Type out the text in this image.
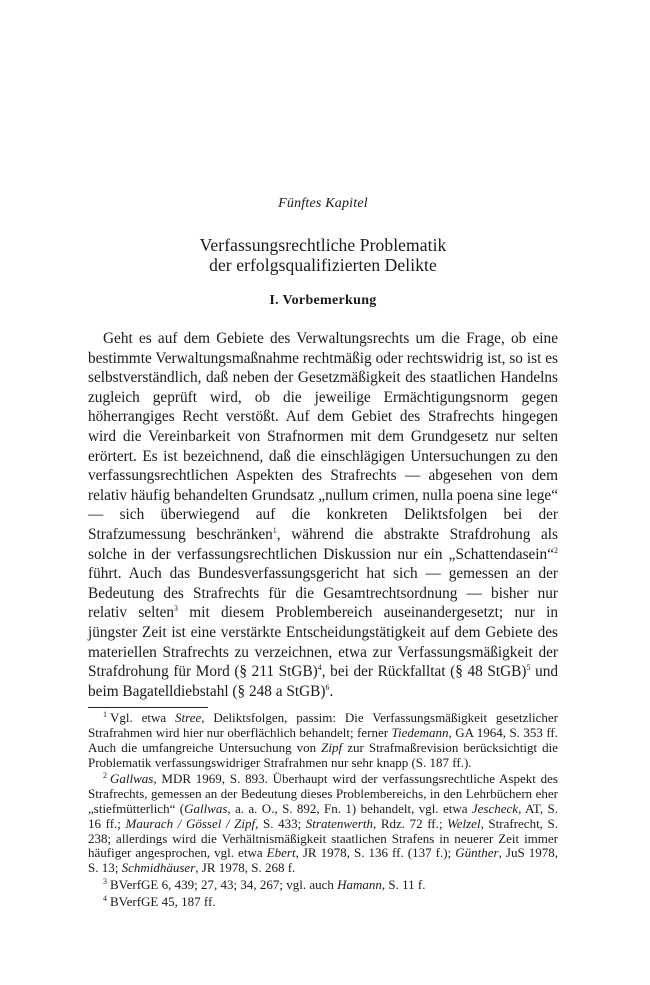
Fünftes Kapitel
Verfassungsrechtliche Problematik
der erfolgsqualifizierten Delikte
I. Vorbemerkung

Geht es auf dem Gebiete des Verwaltungsrechts um die Frage, ob eine bestimmte Verwaltungsmaßnahme rechtmäßig oder rechtswidrig ist, so ist es selbstverständlich, daß neben der Gesetzmäßigkeit des staatlichen Handelns zugleich geprüft wird, ob die jeweilige Ermächtigungsnorm gegen höherrangiges Recht verstößt. Auf dem Gebiet des Strafrechts hingegen wird die Vereinbarkeit von Strafnormen mit dem Grundgesetz nur selten erörtert. Es ist bezeichnend, daß die einschlägigen Untersuchungen zu den verfassungsrechtlichen Aspekten des Strafrechts — abgesehen von dem relativ häufig behandelten Grundsatz „nullum crimen, nulla poena sine lege“ — sich überwiegend auf die konkreten Deliktsfolgen bei der Strafzumessung beschränken$^1$, während die abstrakte Strafdrohung als solche in der verfassungsrechtlichen Diskussion nur ein „Schattendasein“$^2$ führt. Auch das Bundesverfassungsgericht hat sich — gemessen an der Bedeutung des Strafrechts für die Gesamtrechtsordnung — bisher nur relativ selten$^3$ mit diesem Problembereich auseinandergesetzt; nur in jüngster Zeit ist eine verstärkte Entscheidungstätigkeit auf dem Gebiete des materiellen Strafrechts zu verzeichnen, etwa zur Verfassungsmäßigkeit der Strafdrohung für Mord (§ 211 StGB)$^4$, bei der Rückfalltat (§ 48 StGB)$^5$ und beim Bagatelldiebstahl (§ 248 a StGB)$^6$.

$^1$ Vgl. etwa Stree, Deliktsfolgen, passim: Die Verfassungsmäßigkeit gesetzlicher Strafrahmen wird hier nur oberflächlich behandelt; ferner Tiedemann, GA 1964, S. 353 ff. Auch die umfangreiche Untersuchung von Zipf zur Strafmaßrevision berücksichtigt die Problematik verfassungswidriger Strafrahmen nur sehr knapp (S. 187 ff.).

$^2$ Gallwas, MDR 1969, S. 893. Überhaupt wird der verfassungsrechtliche Aspekt des Strafrechts, gemessen an der Bedeutung dieses Problembereichs, in den Lehrbüchern eher „stiefmütterlich“ (Gallwas, a. a. O., S. 892, Fn. 1) behandelt, vgl. etwa Jescheck, AT, S. 16 ff.; Maurach / Gössel / Zipf, S. 433; Stratenwerth, Rdz. 72 ff.; Welzel, Strafrecht, S. 238; allerdings wird die Verhältnismäßigkeit staatlichen Strafens in neuerer Zeit immer häufiger angesprochen, vgl. etwa Ebert, JR 1978, S. 136 ff. (137 f.); Günther, JuS 1978, S. 13; Schmidhäuser, JR 1978, S. 268 f.

$^3$ BVerfGE 6, 439; 27, 43; 34, 267; vgl. auch Hamann, S. 11 f.

$^4$ BVerfGE 45, 187 ff.
